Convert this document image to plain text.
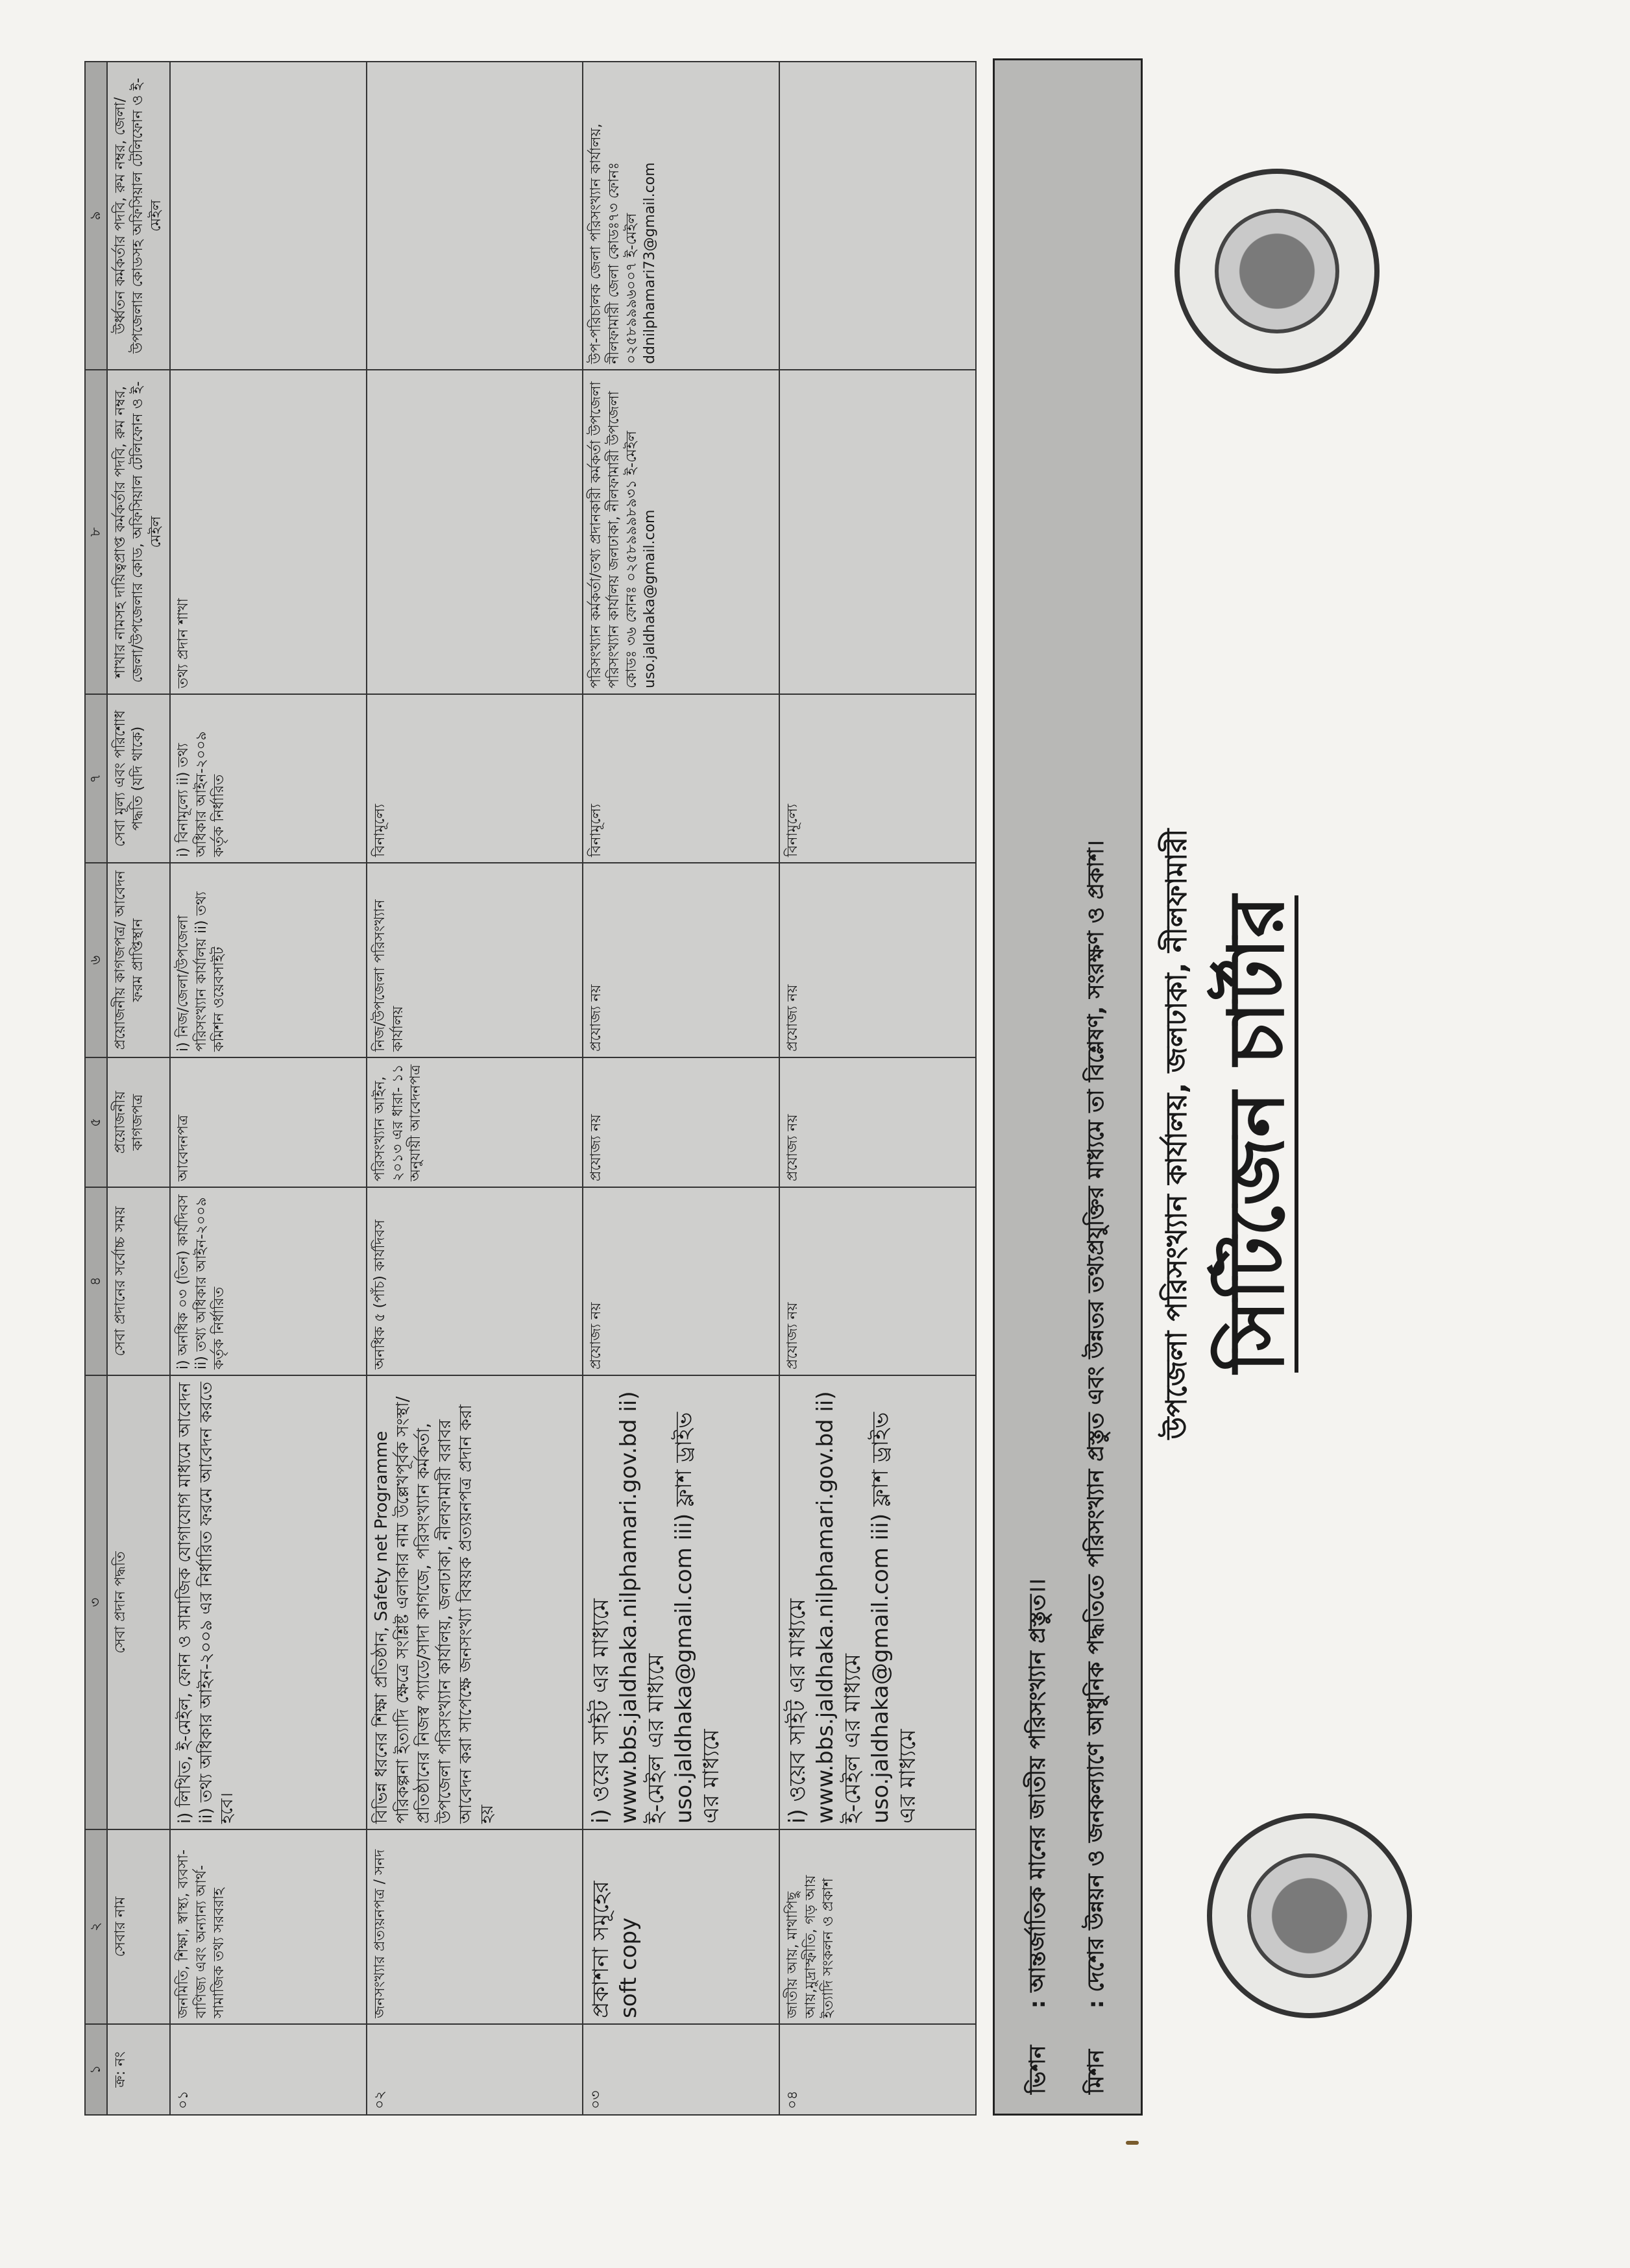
উপজেলা পরিসংখ্যান কার্যালয়, জলঢাকা, নীলফামারী সিটিজেন চার্টার
ভিশন : আন্তর্জাতিক মানের জাতীয় পরিসংখ্যান প্রস্তুত।।
মিশন : দেশের উন্নয়ন ও জনকল্যাণে আধুনিক পদ্ধতিতে পরিসংখ্যান প্রস্তুত এবং উন্নতর তথ্যপ্রযুক্তির মাধ্যমে তা বিশ্লেষণ, সংরক্ষণ ও প্রকাশ।
১	২	৩	৪	৫	৬	৭	৮	৯
ক্র: নং	সেবার নাম	সেবা প্রদান পদ্ধতি	সেবা প্রদানের সর্বোচ্চ সময়	প্রয়োজনীয় কাগজপত্র	প্রয়োজনীয় কাগজপত্র/ আবেদন ফরম প্রাপ্তিস্থান	সেবা মূল্য এবং পরিশোধ পদ্ধতি (যদি থাকে)	শাখার নামসহ দায়িত্বপ্রাপ্ত কর্মকর্তার পদবি, রুম নম্বর, জেলা/উপজেলার কোড, অফিসিয়াল টেলিফোন ও ই-মেইল	উর্ধ্বতন কর্মকর্তার পদবি, রুম নম্বর, জেলা/উপজেলার কোডসহ অফিসিয়াল টেলিফোন ও ই-মেইল
০১	জনমিতি, শিক্ষা, স্বাস্থ্য, ব্যবসা-বাণিজ্য এবং অন্যান্য আর্থ-সামাজিক তথ্য সরবরাহ	i) লিখিত, ই-মেইল, ফোন ও সামাজিক যোগাযোগ মাধ্যমে আবেদন ii) তথ্য অধিকার আইন-২০০৯ এর নির্ধারিত ফরমে আবেদন করতে হবে।	i) অনধিক ০৩ (তিন) কার্যদিবস ii) তথ্য অধিকার আইন-২০০৯ কর্তৃক নির্ধারিত	আবেদনপত্র	i) নিজ/জেলা/উপজেলা পরিসংখ্যান কার্যালয় ii) তথ্য কমিশন ওয়েবসাইট	i) বিনামূল্যে ii) তথ্য অধিকার আইন-২০০৯ কর্তৃক নির্ধারিত	তথ্য প্রদান শাখা	
০২	জনসংখ্যার প্রত্যয়নপত্র / সনদ	বিভিন্ন ধরনের শিক্ষা প্রতিষ্ঠান, Safety net Programme পরিকল্পনা ইত্যাদি ক্ষেত্রে সংশ্লিষ্ট এলাকার নাম উল্লেখপূর্বক সংস্থা/ প্রতিষ্ঠানের নিজস্ব প্যাডে/সাদা কাগজে, পরিসংখ্যান কর্মকর্তা, উপজেলা পরিসংখ্যান কার্যালয়, জলঢাকা, নীলফামারী বরাবর আবেদন করা সাপেক্ষে জনসংখ্যা বিষয়ক প্রত্যয়নপত্র প্রদান করা হয়	অনধিক ৫ (পাঁচ) কার্যদিবস	পরিসংখ্যান আইন, ২০১৩ এর ধারা- ১১ অনুযায়ী আবেদনপত্র	নিজ/উপজেলা পরিসংখ্যান কার্যালয়	বিনামূল্যে		
০৩	প্রকাশনা সমূহের soft copy	i) ওয়েব সাইট এর মাধ্যমে www.bbs.jaldhaka.nilphamari.gov.bd ii) ই-মেইল এর মাধ্যমে uso.jaldhaka@gmail.com iii) ফ্লাশ ড্রাইভ এর মাধ্যমে	প্রযোজ্য নয়	প্রযোজ্য নয়	প্রযোজ্য নয়	বিনামূল্যে	পরিসংখ্যান কর্মকর্তা/তথ্য প্রদানকারী কর্মকর্তা উপজেলা পরিসংখ্যান কার্যালয় জলঢাকা, নীলফামারী উপজেলা কোডঃ ৩৬ ফোনঃ ০২৫৮৯৯৯৮৯৩১ ই-মেইল uso.jaldhaka@gmail.com	উপ-পরিচালক জেলা পরিসংখ্যান কার্যালয়, নীলফামারী জেলা কোডঃ৭৩ ফোনঃ ০২৫৮৯৯৯৬০০৭ ই-মেইল ddnilphamari73@gmail.com
০৪	জাতীয় আয়, মাথাপিছু আয়,মুদ্রাস্ফীতি, গড় আয় ইত্যাদি সংকলন ও প্রকাশ	i) ওয়েব সাইট এর মাধ্যমে www.bbs.jaldhaka.nilphamari.gov.bd ii) ই-মেইল এর মাধ্যমে uso.jaldhaka@gmail.com iii) ফ্লাশ ড্রাইভ এর মাধ্যমে	প্রযোজ্য নয়	প্রযোজ্য নয়	প্রযোজ্য নয়	বিনামূল্যে		
